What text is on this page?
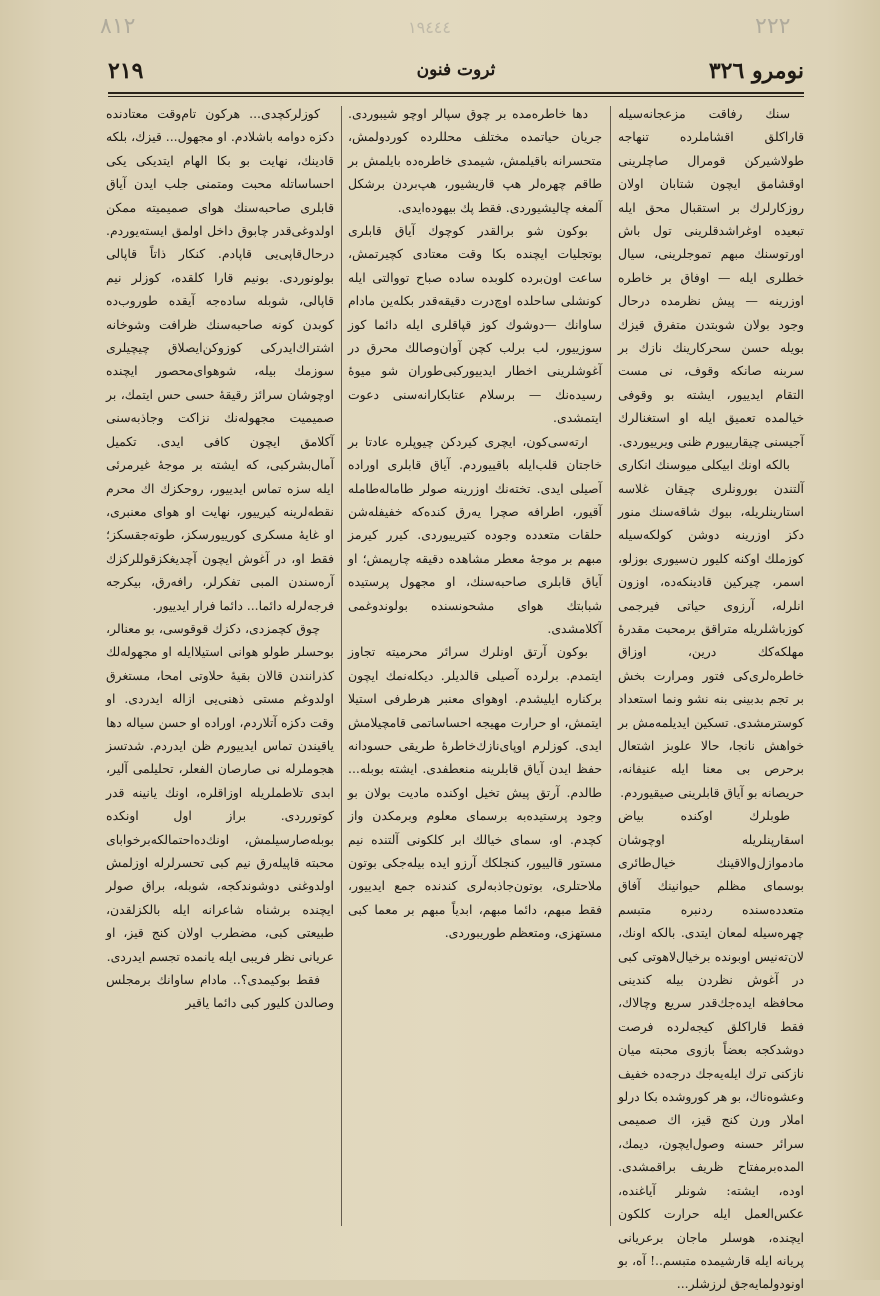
٨١٢	١٩٤٤٤	٢٢٢
نومرو ٣٢٦
ثروت فنون
٢١٩

سنك رفاقت مزعجانه‌سیله قاراكلق اقشاملرده تنهاجه طولاشیركن قومرال صاچلرینی اوقشامق ایچون شتابان اولان روزكارلرك بر استقبال محق ایله تبعیده اوغراشدقلرینی تول باش اورتوسنك مبهم تموجلرینی، سیال خطلری ایله — اوفاق بر خاطره اوزرینه — پیش نظرمده درحال وجود بولان شوبتدن متفرق قیزك بویله حسن سحركارینك نازك بر سربنه صانكه وقوف، نی مست التقام ایدییور، ایشته بو وقوفی خیالمده تعمیق ایله او استغنالرك آجیسنی چیقارییورم ظنی ویرییوردی.

بالكه اونك ابیكلی میوسنك انكاری آلتندن بورونلری چیقان غلاسه استارینلریله، بیوك شاقه‌سنك منور دكز اوزرینه دوشن كولكه‌سیله كوزملك اوكنه كلیور ن‌سیوری بوزلو، اسمر، چیركین قادینكه‌ده‌، اوزون انلرله، آرزوی حیاتی فیرجمی كوزباشلریله متراقق برمحبت مقدرهٔ مهلكه‌كك درین، اوزاق خاطره‌لری‌كی فتور ومرارت بخش بر تجم بدبینی بنه نشو ونما استعداد كوسترمشدی. تسكین ایدیلمه‌مش بر خواهش نانجا، حالا علوبز اشتعال برحرص بی معنا ایله عنیفانه، حریصانه بو آیاق قابلرینی صیقیوردم.

طوبلرك اوكنده بیاض اسقارپنلریله اوچوشان مادموازل‌والاقینك خیال‌طائری بوسمای مظلم حیوانینك آفاق متعدده‌سنده ردنبره متبسم چهره‌سیله لمعان ایتدی. بالكه اونك، لان‌ته‌نیس اوبونده برخیال‌لاهوتی كبی در آغوش نظردن بیله كندینی محافظه ایده‌جك‌قدر سریع وچالاك، فقط قاراكلق كیجه‌لرده فرصت دوشدكجه بعضاً بازوی محبته میان نازكنی ترك ایله‌یه‌جك درجه‌ده خفیف وعشوه‌ناك، بو هر كوروشده بكا درلو املار ورن كنج قیز، اك صمیمی سرائر حسنه وصول‌ایچون، دیمك، المده‌برمفتاح ظریف براقمشدی. اوده، ایشته: شونلر آیاغنده، عكس‌العمل ایله حرارت كلكون ایچنده، هوسلر ماجان برعریانی پریانه ایله قارشیمده متبسم..! آه، بو اونودولمایه‌جق لرزشلر...

دها خاطره‌مده بر چوق سپالر اوچو شیبوردی. جریان حیاتمده مختلف محللرده كوردولمش، متحسرانه باقیلمش، شیمدی خاطره‌ده بایلمش بر طاقم چهره‌لر هپ قاریشیور، هپ‌بردن برشكل آلمغه چالیشیوردی. فقط پك بیهوده‌ایدی.

بوكون شو برالقدر كوچوك آیاق قابلری بوتجلیات ایچنده بكا وقت معتادی كچیرتمش، ساعت اون‌برده كلوبده ساده صباح تووالتی ایله كونشلی ساحلده اوچ‌درت دقیقه‌قدر بكله‌ین مادام ساوانك —دوشوك كوز قپاقلری ایله دائما كوز سوزییور، لب برلب كچن آوان‌وصالك محرق در آغوشلرینی اخطار ایدییوركبی‌طوران شو میوهٔ رسیده‌نك — برسلام عتابكارانه‌سنی دعوت ایتمشدی.

ارته‌سی‌كون، ایچری كیردكن چیوپلره عادتا بر خاجتان قلب‌ایله باقییوردم. آیاق قابلری اوراده آصیلی ایدی. تخته‌نك اوزرینه صولر طاماله‌طامله آقیور، اطرافه صچرا یه‌رق كنده‌كه خفیفله‌شن حلقات متعدده وجوده كتیرییوردی. كیرر كیرمز مبهم بر موجهٔ معطر مشاهده دقیقه چارپمش؛ او آیاق قابلری صاحبه‌سنك، او مجهول پرستیده شبابتك هوای مشحونسنده بولوندوغمی آكلامشدی.

بوكون آرتق اونلرك سرائر محرمیته تجاوز ایتمدم. برلرده آصیلی قالدیلر. دیكله‌نمك ایچون بركناره ایلیشدم. اوهوای معنبر هرطرفی استیلا ایتمش، او حرارت مهیجه احساساتمی قامچیلامش ایدی. كوزلرم اوپای‌نازك‌خاطرهٔ طریقی حسودانه حفظ ایدن آیاق قابلرینه منعطفدی. ایشته بوبله... طالدم. آرتق پیش تخیل اوكنده مادیت بولان بو وجود پرستیده‌به برسمای معلوم وبرمكدن واز كچدم. او، سمای خیالك ابر كلكونی آلتنده نیم مستور قالییور، كنجلكك آرزو ایده بیله‌جكی بوتون ملاحتلری، بوتون‌جاذبه‌لری كندنده جمع ایدییور، فقط مبهم، دائما مبهم، ابدیاً مبهم بر معما كبی مستهزی، ومتعظم طوریبوردی.

كوزلركچدی... هركون تام‌وقت معتادنده دكزه دوامه باشلادم. او مجهول... قیزك، بلكه قادینك، نهایت بو بكا الهام ایتدیكی یكی احساساتله محبت ومتمنی جلب ایدن آیاق قابلری صاحبه‌سنك هوای صمیمیته ممكن اولدوغی‌قدر چابوق داخل اولمق ایسته‌یوردم. درحال‌قاپی‌یی قاپادم. كنكار ذاتاً قاپالی بولونوردی. بونیم قارا كلقده، كوزلر نیم قاپالی، شوبله ساده‌جه آیقده طوروب‌ده كوبدن كونه صاحبه‌سنك ظرافت وشوخانه اشتراك‌ایدركی كوزوكن‌ایصلاق چیچیلری سوزمك بیله، شوهوای‌محصور ایچنده اوچوشان سرائز رقیقهٔ حسی حس ایتمك، بر صمیمیت مجهوله‌نك نزاكت وجاذبه‌سنی آكلامق ایچون كافی ایدی. تكمیل آمال‌بشركبی، كه ایشته بر موجهٔ غیرمرئی ایله سزه تماس ایدییور، روحكزك اك محرم نقطه‌لرینه كیرییور، نهایت او هوای معنبری، او غایهٔ مسكری كورییورسكز، طوته‌جقسكز؛ فقط او، در آغوش ایچون آچدیغكزقوللركزك آره‌سندن المبی تفكرلر، رافه‌رق، بیكرجه فرجه‌لرله دائما... دائما فرار ایدییور.

چوق كچمزدی، دكزك قوقوسی، بو معنالر، بوحسلر طولو هوانی استیلاایله او مجهوله‌لك كذرانندن قالان بقیهٔ حلاوتی امحا، مستغرق اولدوغم مستی ذهنی‌یی ازاله ایدردی. او وقت دكزه آتلاردم، اوراده او حسن سیاله دها یاقیندن تماس ایدییورم ظن ایدردم. شدتسز هجوملرله نی صارصان الفعلر، تحلیلمی آلیر، ابدی تلاطملریله اوزاقلره، اونك یانینه قدر كوتورردی. براز اول اونكده بوبله‌صارسیلمش، اونك‌ده‌احتمالكه‌برخوابای محبته قاپیله‌رق نیم كبی تحسرلرله اوزلمش اولدوغنی دوشوندكجه، شوبله، براق صولر ایچنده برشناه شاعرانه ایله بالكزلقدن، طبیعتی كبی، مضطرب اولان كنج قیز، او عریانی نظر فریبی ایله یانمده تجسم ایدردی.

فقط بوكیمدی؟.. مادام ساوانك برمجلس وصالدن كلیور كبی دائما یاقیر
